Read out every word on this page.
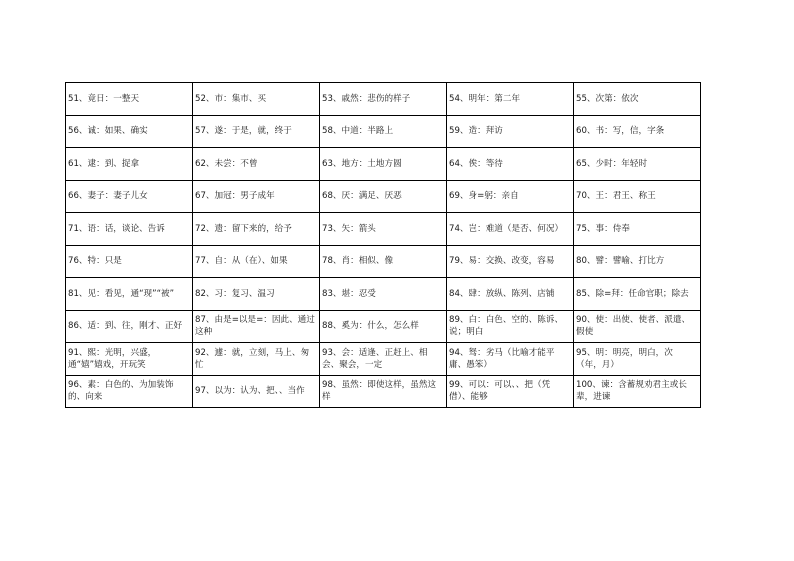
51、竟日：一整天	52、市：集市、买	53、戚然：悲伤的样子	54、明年：第二年	55、次第：依次
56、诚：如果、确实	57、遂：于是，就，终于	58、中道：半路上	59、造：拜访	60、书：写，信，字条
61、逮：到、捉拿	62、未尝：不曾	63、地方：土地方圆	64、俟：等待	65、少时：年轻时
66、妻子：妻子儿女	67、加冠：男子成年	68、厌：满足、厌恶	69、身=躬：亲自	70、王：君王、称王
71、语：话，谈论、告诉	72、遗：留下来的，给予	73、矢：箭头	74、岂：难道（是否、何况）	75、事：侍奉
76、特：只是	77、自：从（在）、如果	78、肖：相似、像	79、易：交换、改变，容易	80、譬：譬喻、打比方
81、见：看见，通“现”“被”	82、习：复习、温习	83、堪：忍受	84、肆：放纵、陈列、店铺	85、除=拜：任命官职；除去
86、适：到、往，刚才、正好	87、由是=以是=：因此、通过这种	88、奚为：什么，怎么样	89、白：白色、空的、陈诉、说；明白	90、使：出使、使者、派遣、假使
91、熙：光明，兴盛，通“嬉”嬉戏，开玩笑	92、遽：就，立刻，马上、匆忙	93、会：适逢、正赶上、相会、聚会，一定	94、驽：劣马（比喻才能平庸、愚笨）	95、明：明亮，明白，次（年，月）
96、素：白色的、为加装饰的、向来	97、以为：认为、把、、当作	98、虽然：即使这样，虽然这样	99、可以：可以、、把（凭借）、能够	100、谏：含蓄规劝君主或长辈，进谏
